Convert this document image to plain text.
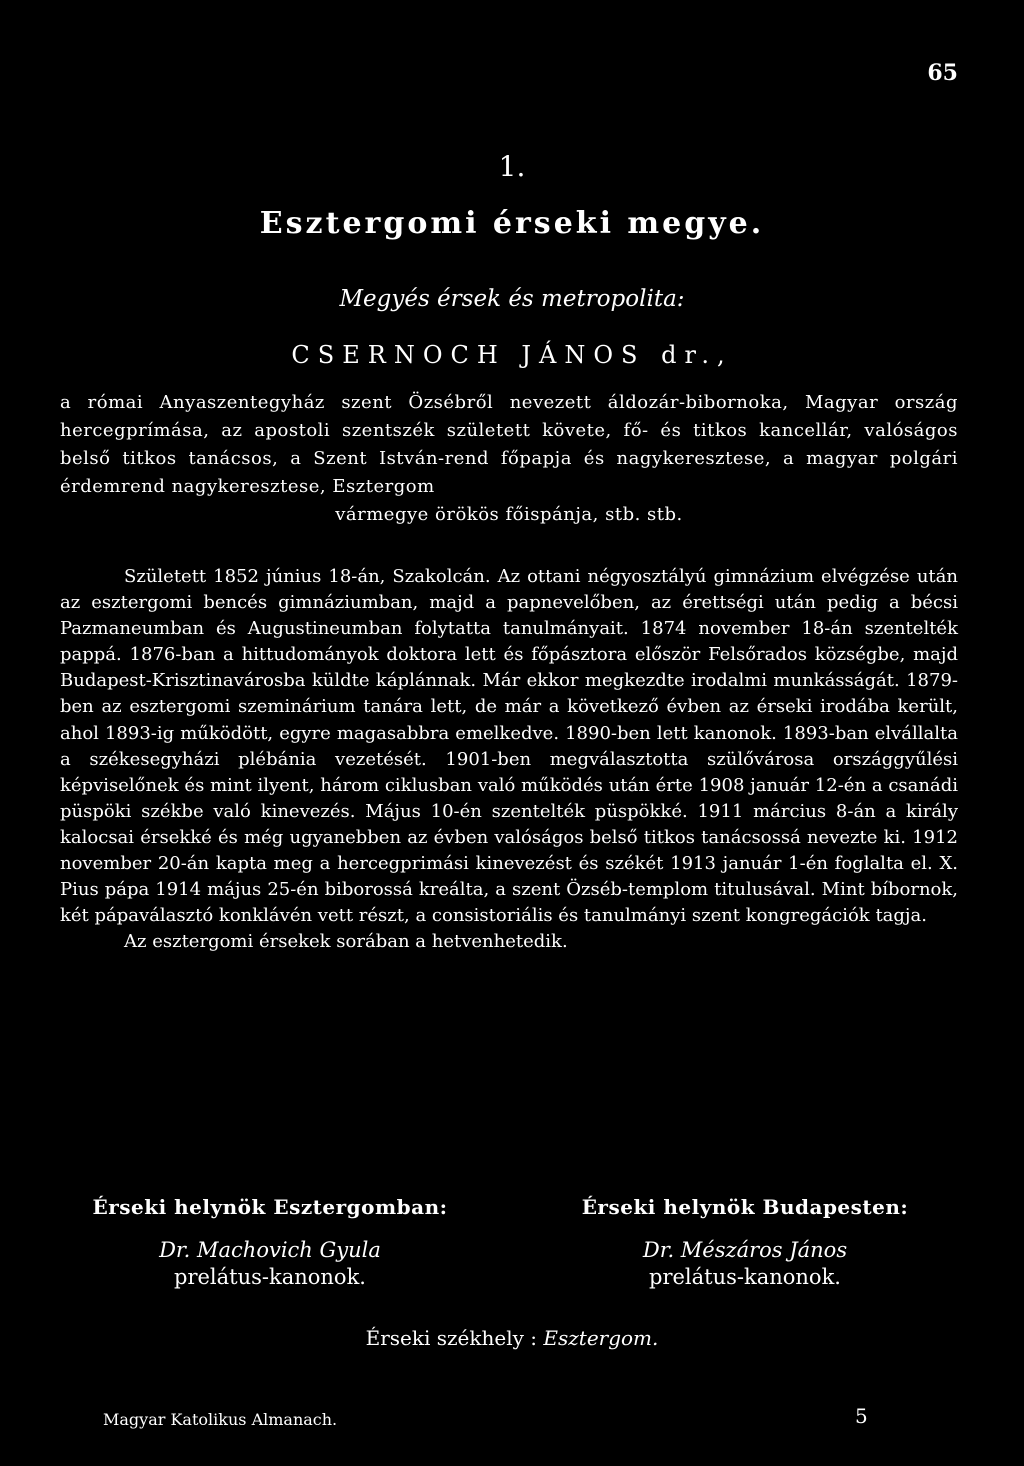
65
1.
Esztergomi érseki megye.
Megyés érsek és metropolita:
CSERNOCH JÁNOS dr.,

a római Anyaszentegyház szent Özsébről nevezett áldozár-bibornoka, Magyar ország hercegprímása, az apostoli szentszék született követe, fő- és titkos kancellár, valóságos belső titkos tanácsos, a Szent István-rend főpapja és nagykeresztese, a magyar polgári érdemrend nagykeresztese, Esztergom

vármegye örökös főispánja, stb. stb.

Született 1852 június 18-án, Szakolcán. Az ottani négyosztályú gimnázium elvégzése után az esztergomi bencés gimnáziumban, majd a papnevelőben, az érettségi után pedig a bécsi Pazmaneumban és Augustineumban folytatta tanulmányait. 1874 november 18-án szentelték pappá. 1876-ban a hittudományok doktora lett és főpásztora először Felsőrados községbe, majd Budapest-Krisztinavárosba küldte káplánnak. Már ekkor megkezdte irodalmi munkásságát. 1879-ben az esztergomi szeminárium tanára lett, de már a következő évben az érseki irodába került, ahol 1893-ig működött, egyre magasabbra emelkedve. 1890-ben lett kanonok. 1893-ban elvállalta a székesegyházi plébánia vezetését. 1901-ben megválasztotta szülővárosa országgyűlési képviselőnek és mint ilyent, három ciklusban való működés után érte 1908 január 12-én a csanádi püspöki székbe való kinevezés. Május 10-én szentelték püspökké. 1911 március 8-án a király kalocsai érsekké és még ugyanebben az évben valóságos belső titkos tanácsossá nevezte ki. 1912 november 20-án kapta meg a hercegprimási kinevezést és székét 1913 január 1-én foglalta el. X. Pius pápa 1914 május 25-én biborossá kreálta, a szent Özséb-templom titulusával. Mint bíbornok, két pápaválasztó konklávén vett részt, a consistoriális és tanulmányi szent kongregációk tagja.

Az esztergomi érsekek sorában a hetvenhetedik.

Érseki helynök Esztergomban:
Dr. Machovich Gyula
prelátus-kanonok.
Érseki helynök Budapesten:
Dr. Mészáros János
prelátus-kanonok.
Érseki székhely : Esztergom.
Magyar Katolikus Almanach.	5
